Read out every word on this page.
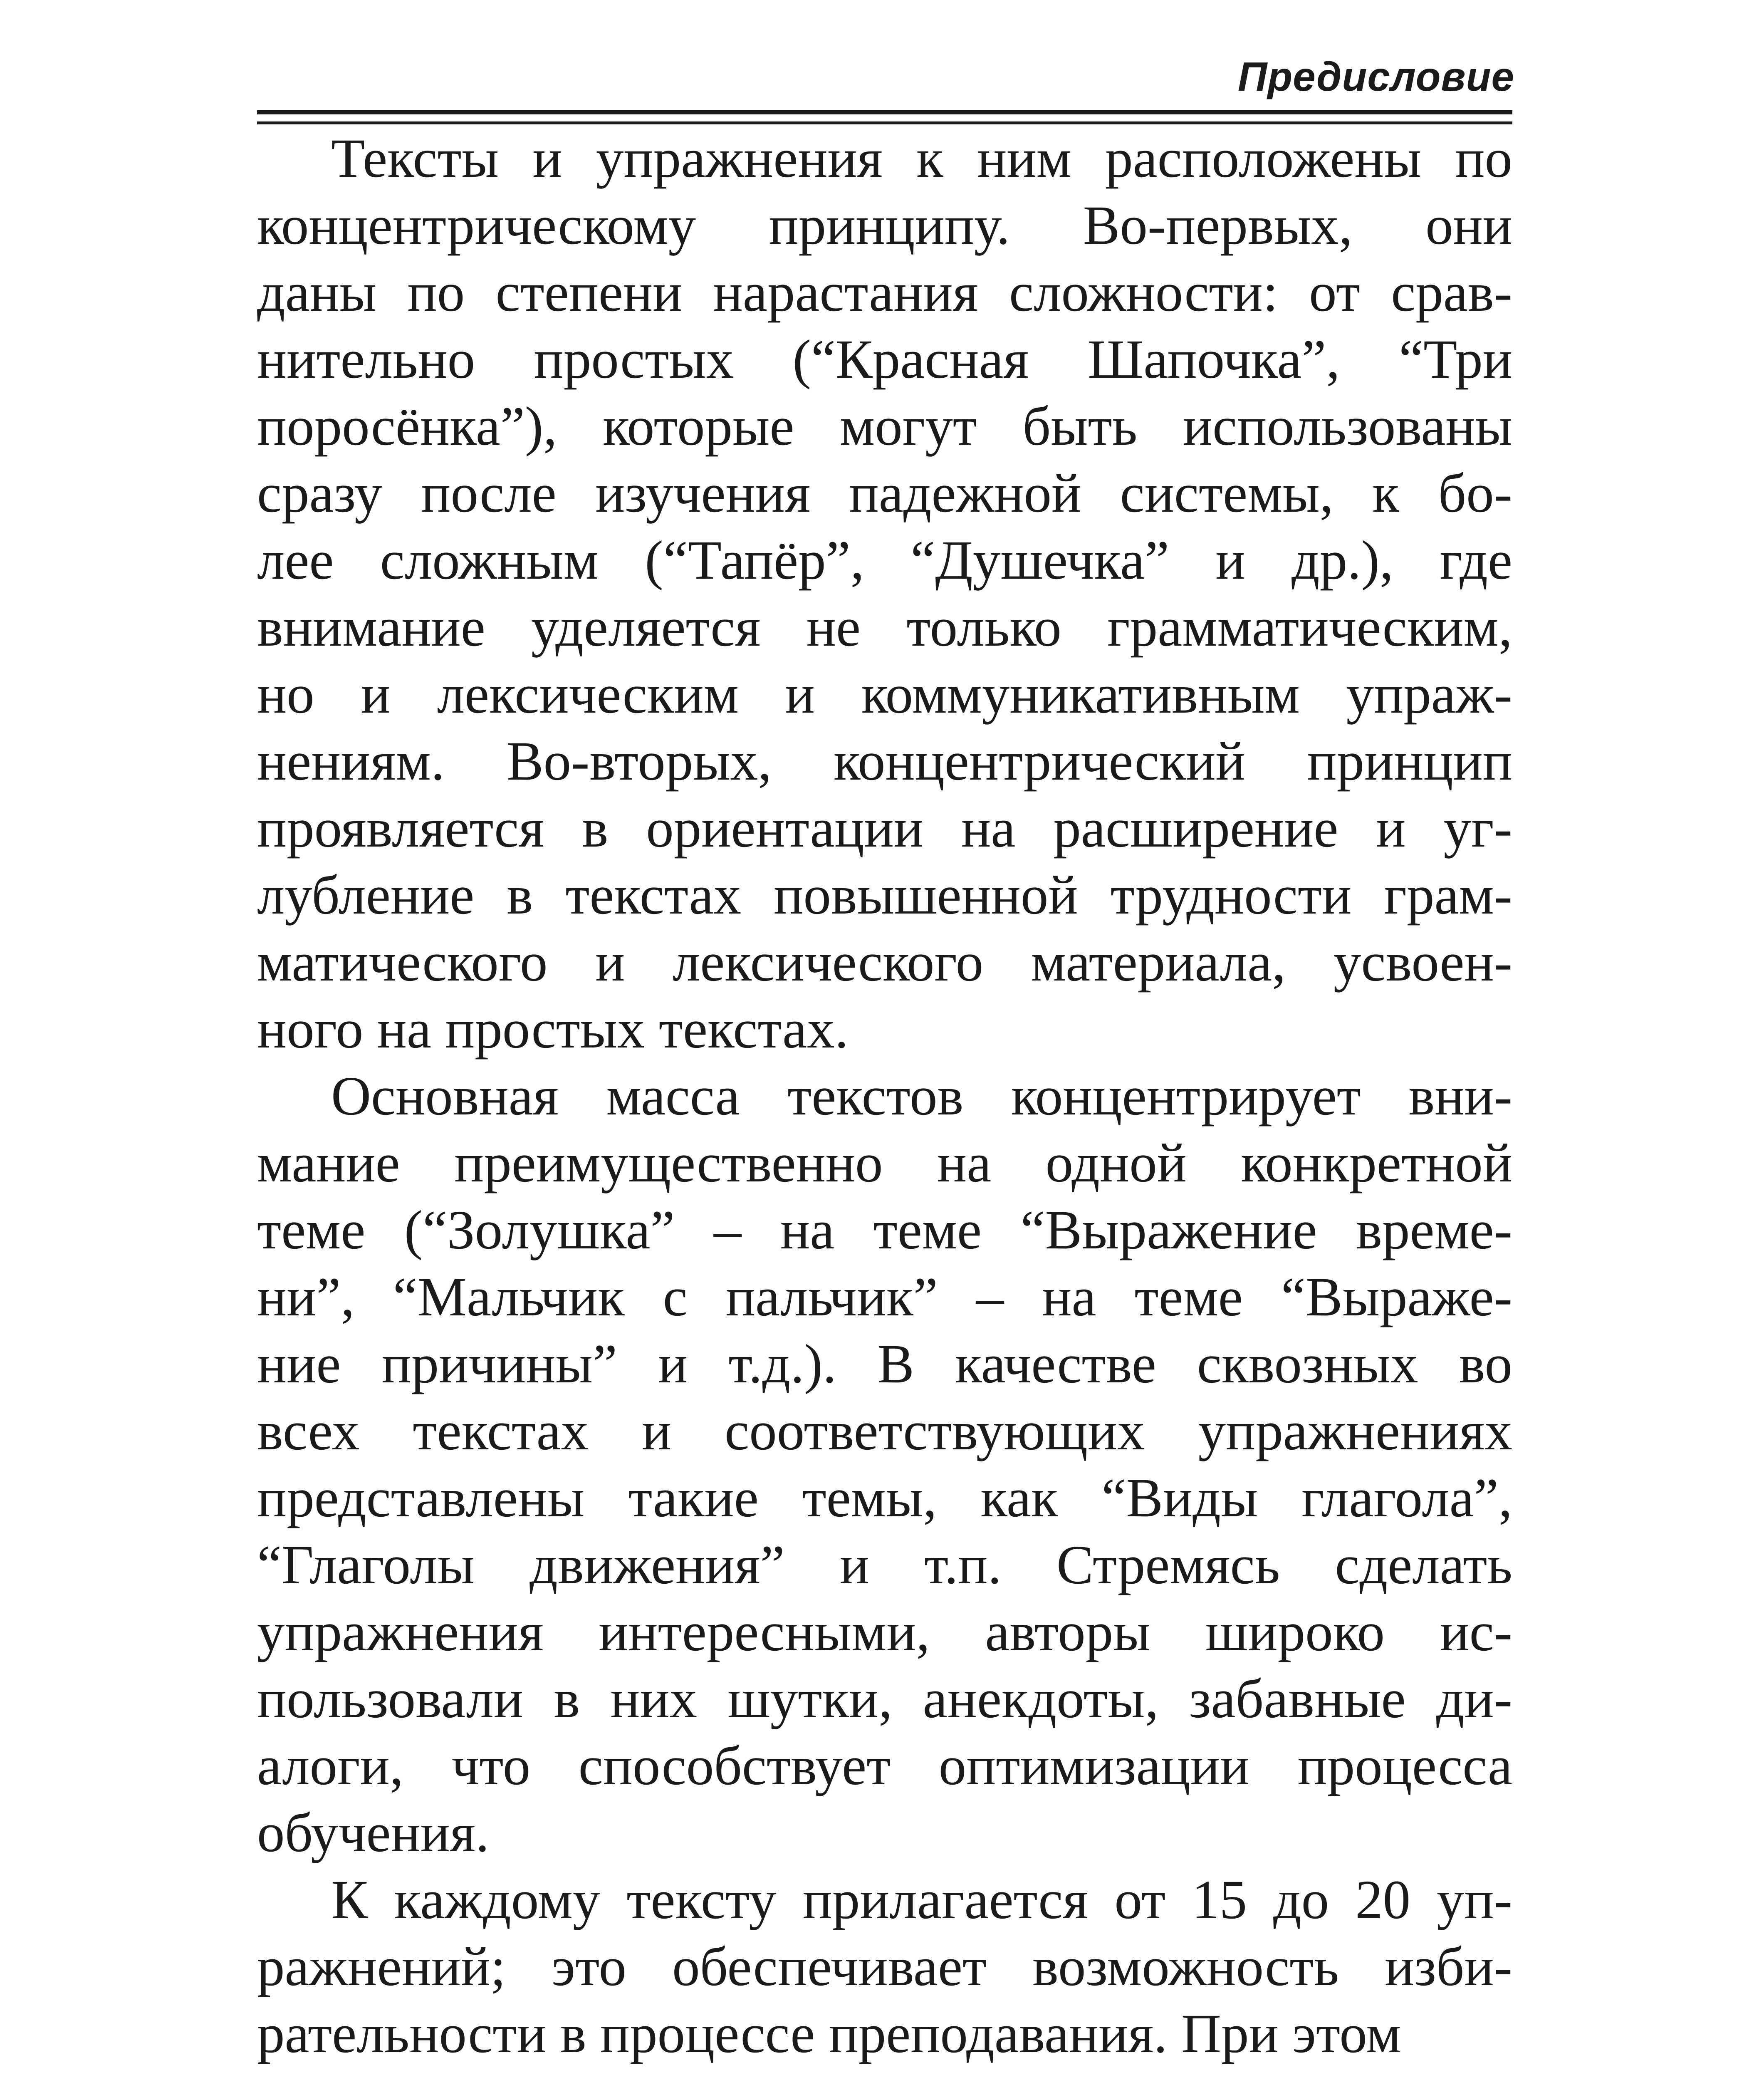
Предисловие
Тексты и упражнения к ним расположены по
концентрическому принципу. Во-первых, они
даны по степени нарастания сложности: от срав-
нительно простых (“Красная Шапочка”, “Три
поросёнка”), которые могут быть использованы
сразу после изучения падежной системы, к бо-
лее сложным (“Тапёр”, “Душечка” и др.), где
внимание уделяется не только грамматическим,
но и лексическим и коммуникативным упраж-
нениям. Во-вторых, концентрический принцип
проявляется в ориентации на расширение и уг-
лубление в текстах повышенной трудности грам-
матического и лексического материала, усвоен-
ного на простых текстах.
Основная масса текстов концентрирует вни-
мание преимущественно на одной конкретной
теме (“Золушка” – на теме “Выражение време-
ни”, “Мальчик с пальчик” – на теме “Выраже-
ние причины” и т.д.). В качестве сквозных во
всех текстах и соответствующих упражнениях
представлены такие темы, как “Виды глагола”,
“Глаголы движения” и т.п. Стремясь сделать
упражнения интересными, авторы широко ис-
пользовали в них шутки, анекдоты, забавные ди-
алоги, что способствует оптимизации процесса
обучения.
К каждому тексту прилагается от 15 до 20 уп-
ражнений; это обеспечивает возможность изби-
рательности в процессе преподавания. При этом
